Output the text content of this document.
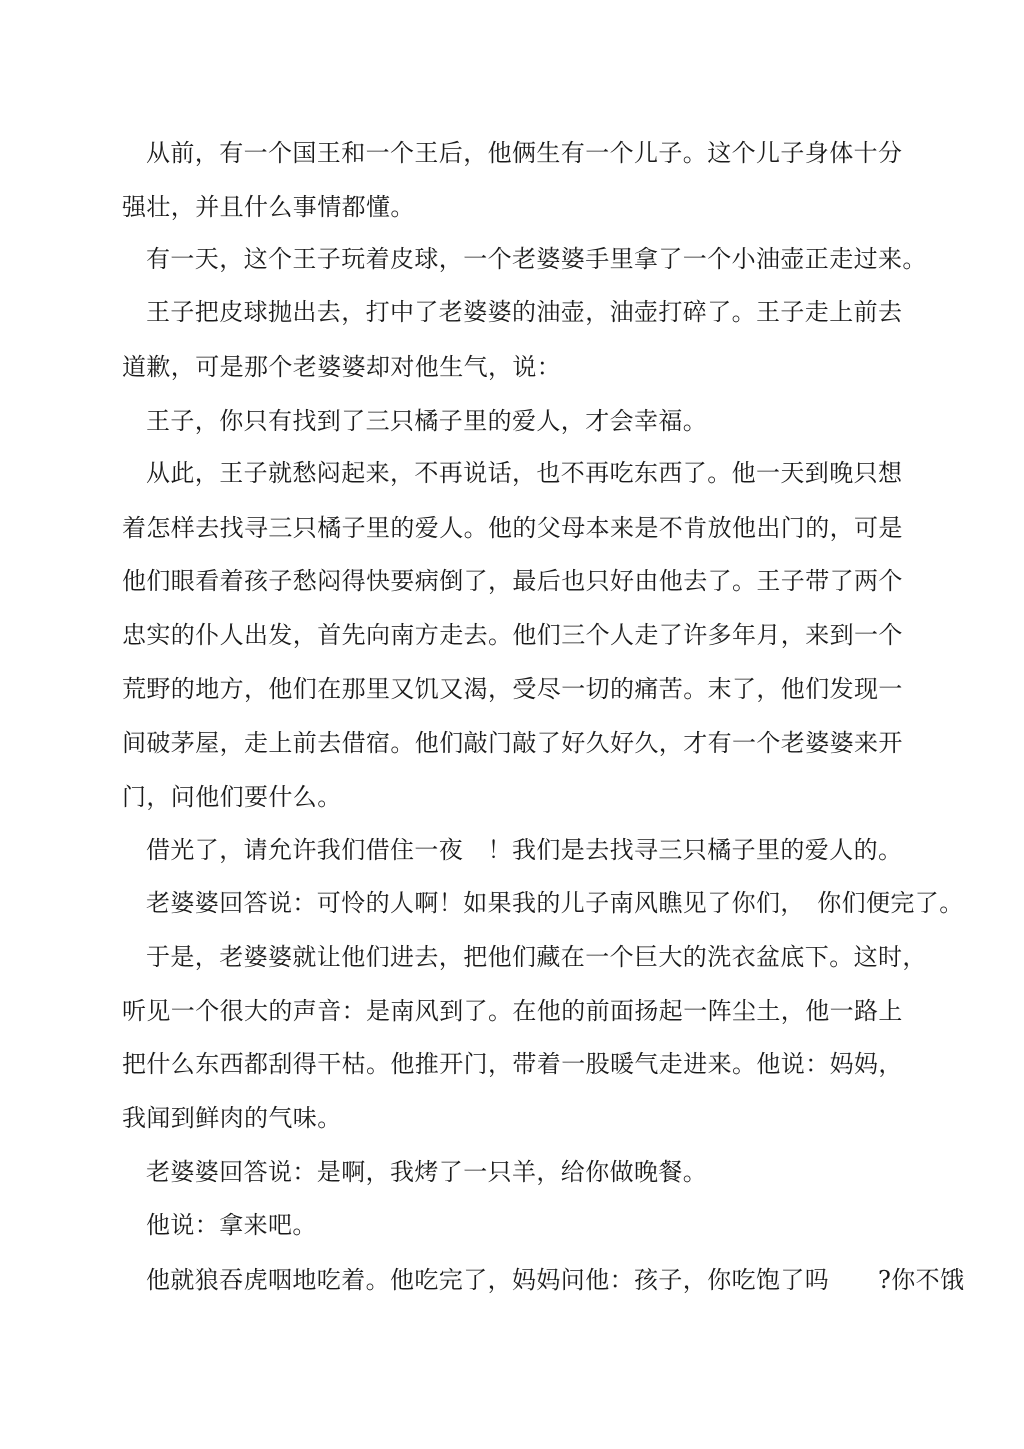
从前，有一个国王和一个王后，他俩生有一个儿子。这个儿子身体十分
强壮，并且什么事情都懂。
有一天，这个王子玩着皮球，一个老婆婆手里拿了一个小油壶正走过来。
王子把皮球抛出去，打中了老婆婆的油壶，油壶打碎了。王子走上前去
道歉，可是那个老婆婆却对他生气，说：
王子，你只有找到了三只橘子里的爱人，才会幸福。
从此，王子就愁闷起来，不再说话，也不再吃东西了。他一天到晚只想
着怎样去找寻三只橘子里的爱人。他的父母本来是不肯放他出门的，可是
他们眼看着孩子愁闷得快要病倒了，最后也只好由他去了。王子带了两个
忠实的仆人出发，首先向南方走去。他们三个人走了许多年月，来到一个
荒野的地方，他们在那里又饥又渴，受尽一切的痛苦。末了，他们发现一
间破茅屋，走上前去借宿。他们敲门敲了好久好久，才有一个老婆婆来开
门，问他们要什么。
借光了，请允许我们借住一夜　！我们是去找寻三只橘子里的爱人的。
老婆婆回答说：可怜的人啊！如果我的儿子南风瞧见了你们，　你们便完了。
于是，老婆婆就让他们进去，把他们藏在一个巨大的洗衣盆底下。这时，
听见一个很大的声音：是南风到了。在他的前面扬起一阵尘土，他一路上
把什么东西都刮得干枯。他推开门，带着一股暖气走进来。他说：妈妈，
我闻到鲜肉的气味。
老婆婆回答说：是啊，我烤了一只羊，给你做晚餐。
他说：拿来吧。
他就狼吞虎咽地吃着。他吃完了，妈妈问他：孩子，你吃饱了吗　　?你不饿
